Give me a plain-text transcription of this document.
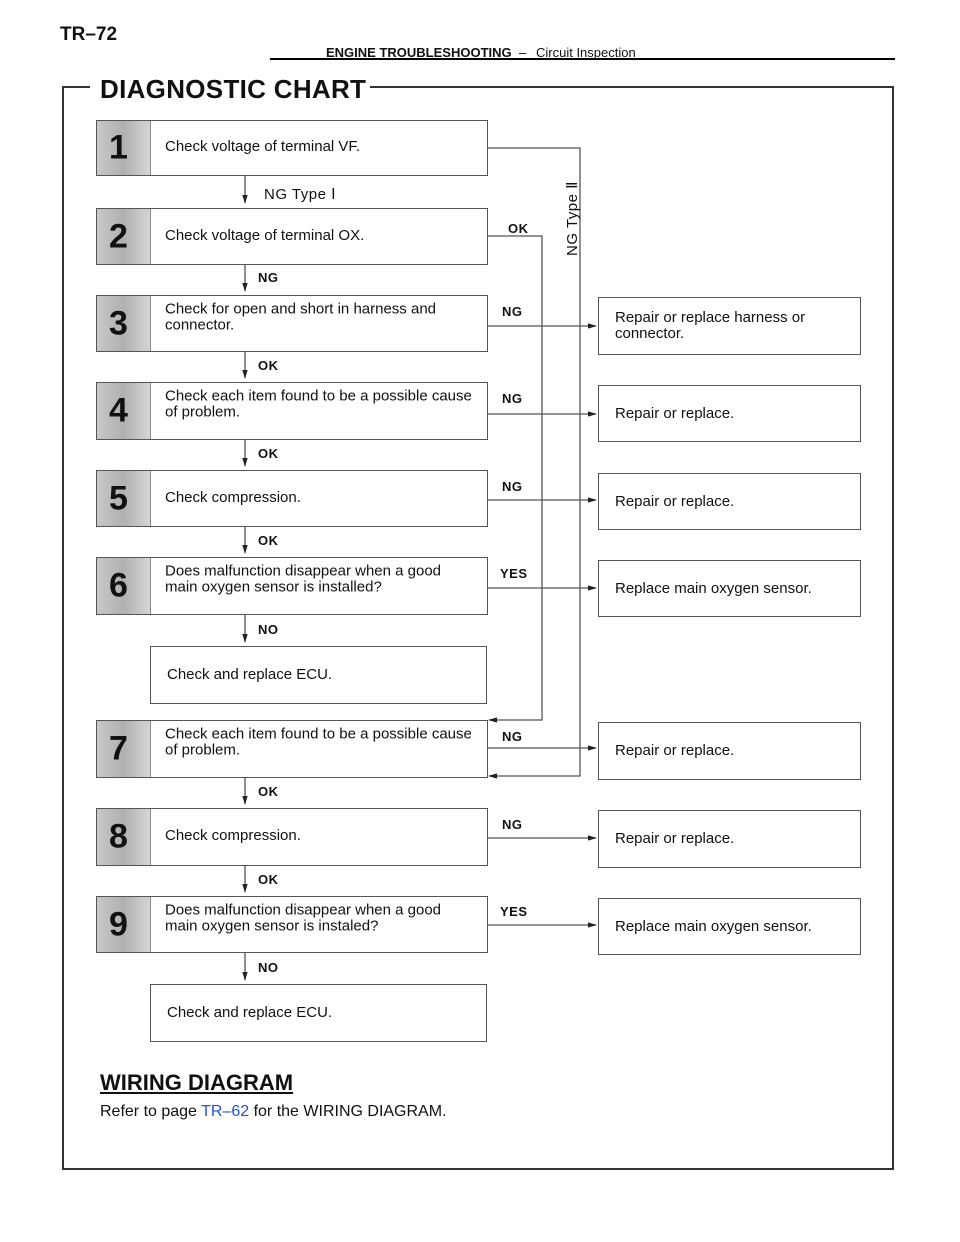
TR–72
ENGINE TROUBLESHOOTING – Circuit Inspection
DIAGNOSTIC CHART
1 Check voltage of terminal VF.
2 Check voltage of terminal OX.
3 Check for open and short in harness and connector.
4 Check each item found to be a possible cause of problem.
5 Check compression.
6 Does malfunction disappear when a good main oxygen sensor is installed?
Check and replace ECU.
7 Check each item found to be a possible cause of problem.
8 Check compression.
9 Does malfunction disappear when a good main oxygen sensor is instaled?
Check and replace ECU.
Repair or replace harness or connector.
Repair or replace.
Repair or replace.
Replace main oxygen sensor.
Repair or replace.
Repair or replace.
Replace main oxygen sensor.
NG Type Ⅰ	NG Type Ⅱ
NG
OK
OK
NG
OK
NG
OK
NG
NO
YES
NG
OK
NG
OK
YES
NO
WIRING DIAGRAM
Refer to page TR–62 for the WIRING DIAGRAM.
